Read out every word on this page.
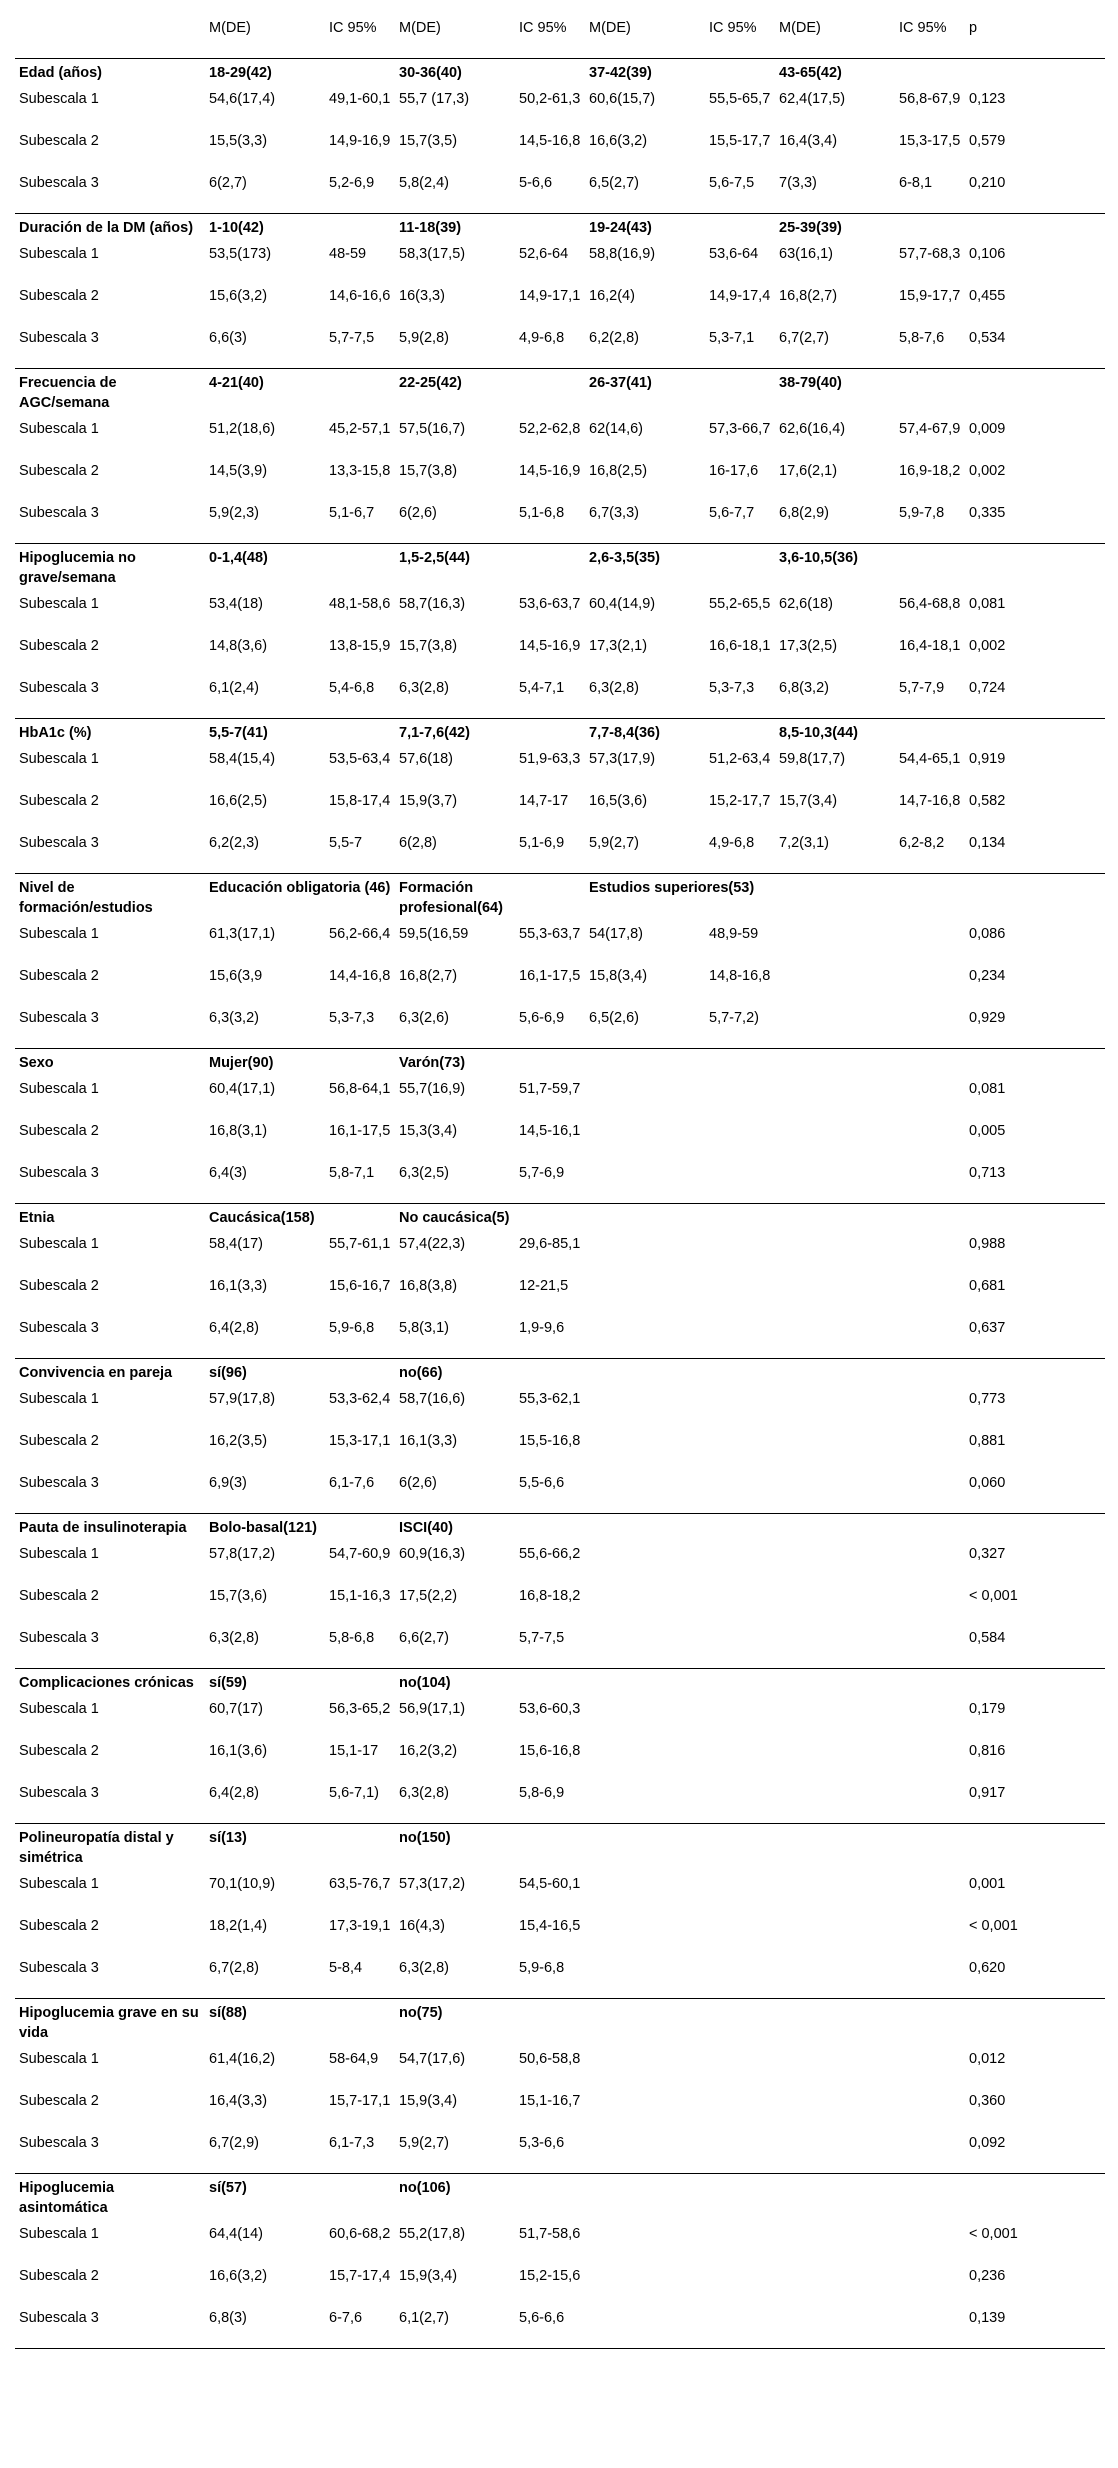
	M(DE)	IC 95%	M(DE)	IC 95%	M(DE)	IC 95%	M(DE)	IC 95%	p
Edad (años)	18-29(42)		30-36(40)		37-42(39)		43-65(42)		
Subescala 1	54,6(17,4)	49,1-60,1	55,7 (17,3)	50,2-61,3	60,6(15,7)	55,5-65,7	62,4(17,5)	56,8-67,9	0,123
Subescala 2	15,5(3,3)	14,9-16,9	15,7(3,5)	14,5-16,8	16,6(3,2)	15,5-17,7	16,4(3,4)	15,3-17,5	0,579
Subescala 3	6(2,7)	5,2-6,9	5,8(2,4)	5-6,6	6,5(2,7)	5,6-7,5	7(3,3)	6-8,1	0,210
Duración de la DM (años)	1-10(42)		11-18(39)		19-24(43)		25-39(39)		
Subescala 1	53,5(173)	48-59	58,3(17,5)	52,6-64	58,8(16,9)	53,6-64	63(16,1)	57,7-68,3	0,106
Subescala 2	15,6(3,2)	14,6-16,6	16(3,3)	14,9-17,1	16,2(4)	14,9-17,4	16,8(2,7)	15,9-17,7	0,455
Subescala 3	6,6(3)	5,7-7,5	5,9(2,8)	4,9-6,8	6,2(2,8)	5,3-7,1	6,7(2,7)	5,8-7,6	0,534
Frecuencia de AGC/semana	4-21(40)		22-25(42)		26-37(41)		38-79(40)		
Subescala 1	51,2(18,6)	45,2-57,1	57,5(16,7)	52,2-62,8	62(14,6)	57,3-66,7	62,6(16,4)	57,4-67,9	0,009
Subescala 2	14,5(3,9)	13,3-15,8	15,7(3,8)	14,5-16,9	16,8(2,5)	16-17,6	17,6(2,1)	16,9-18,2	0,002
Subescala 3	5,9(2,3)	5,1-6,7	6(2,6)	5,1-6,8	6,7(3,3)	5,6-7,7	6,8(2,9)	5,9-7,8	0,335
Hipoglucemia no grave/semana	0-1,4(48)		1,5-2,5(44)		2,6-3,5(35)		3,6-10,5(36)		
Subescala 1	53,4(18)	48,1-58,6	58,7(16,3)	53,6-63,7	60,4(14,9)	55,2-65,5	62,6(18)	56,4-68,8	0,081
Subescala 2	14,8(3,6)	13,8-15,9	15,7(3,8)	14,5-16,9	17,3(2,1)	16,6-18,1	17,3(2,5)	16,4-18,1	0,002
Subescala 3	6,1(2,4)	5,4-6,8	6,3(2,8)	5,4-7,1	6,3(2,8)	5,3-7,3	6,8(3,2)	5,7-7,9	0,724
HbA1c (%)	5,5-7(41)		7,1-7,6(42)		7,7-8,4(36)		8,5-10,3(44)		
Subescala 1	58,4(15,4)	53,5-63,4	57,6(18)	51,9-63,3	57,3(17,9)	51,2-63,4	59,8(17,7)	54,4-65,1	0,919
Subescala 2	16,6(2,5)	15,8-17,4	15,9(3,7)	14,7-17	16,5(3,6)	15,2-17,7	15,7(3,4)	14,7-16,8	0,582
Subescala 3	6,2(2,3)	5,5-7	6(2,8)	5,1-6,9	5,9(2,7)	4,9-6,8	7,2(3,1)	6,2-8,2	0,134
Nivel de formación/estudios	Educación obligatoria (46)		Formación profesional(64)		Estudios superiores(53)				
Subescala 1	61,3(17,1)	56,2-66,4	59,5(16,59	55,3-63,7	54(17,8)	48,9-59			0,086
Subescala 2	15,6(3,9	14,4-16,8	16,8(2,7)	16,1-17,5	15,8(3,4)	14,8-16,8			0,234
Subescala 3	6,3(3,2)	5,3-7,3	6,3(2,6)	5,6-6,9	6,5(2,6)	5,7-7,2)			0,929
Sexo	Mujer(90)		Varón(73)						
Subescala 1	60,4(17,1)	56,8-64,1	55,7(16,9)	51,7-59,7					0,081
Subescala 2	16,8(3,1)	16,1-17,5	15,3(3,4)	14,5-16,1					0,005
Subescala 3	6,4(3)	5,8-7,1	6,3(2,5)	5,7-6,9					0,713
Etnia	Caucásica(158)		No caucásica(5)						
Subescala 1	58,4(17)	55,7-61,1	57,4(22,3)	29,6-85,1					0,988
Subescala 2	16,1(3,3)	15,6-16,7	16,8(3,8)	12-21,5					0,681
Subescala 3	6,4(2,8)	5,9-6,8	5,8(3,1)	1,9-9,6					0,637
Convivencia en pareja	sí(96)		no(66)						
Subescala 1	57,9(17,8)	53,3-62,4	58,7(16,6)	55,3-62,1					0,773
Subescala 2	16,2(3,5)	15,3-17,1	16,1(3,3)	15,5-16,8					0,881
Subescala 3	6,9(3)	6,1-7,6	6(2,6)	5,5-6,6					0,060
Pauta de insulinoterapia	Bolo-basal(121)		ISCI(40)						
Subescala 1	57,8(17,2)	54,7-60,9	60,9(16,3)	55,6-66,2					0,327
Subescala 2	15,7(3,6)	15,1-16,3	17,5(2,2)	16,8-18,2					< 0,001
Subescala 3	6,3(2,8)	5,8-6,8	6,6(2,7)	5,7-7,5					0,584
Complicaciones crónicas	sí(59)		no(104)						
Subescala 1	60,7(17)	56,3-65,2	56,9(17,1)	53,6-60,3					0,179
Subescala 2	16,1(3,6)	15,1-17	16,2(3,2)	15,6-16,8					0,816
Subescala 3	6,4(2,8)	5,6-7,1)	6,3(2,8)	5,8-6,9					0,917
Polineuropatía distal y simétrica	sí(13)		no(150)						
Subescala 1	70,1(10,9)	63,5-76,7	57,3(17,2)	54,5-60,1					0,001
Subescala 2	18,2(1,4)	17,3-19,1	16(4,3)	15,4-16,5					< 0,001
Subescala 3	6,7(2,8)	5-8,4	6,3(2,8)	5,9-6,8					0,620
Hipoglucemia grave en su vida	sí(88)		no(75)						
Subescala 1	61,4(16,2)	58-64,9	54,7(17,6)	50,6-58,8					0,012
Subescala 2	16,4(3,3)	15,7-17,1	15,9(3,4)	15,1-16,7					0,360
Subescala 3	6,7(2,9)	6,1-7,3	5,9(2,7)	5,3-6,6					0,092
Hipoglucemia asintomática	sí(57)		no(106)						
Subescala 1	64,4(14)	60,6-68,2	55,2(17,8)	51,7-58,6					< 0,001
Subescala 2	16,6(3,2)	15,7-17,4	15,9(3,4)	15,2-15,6					0,236
Subescala 3	6,8(3)	6-7,6	6,1(2,7)	5,6-6,6					0,139
